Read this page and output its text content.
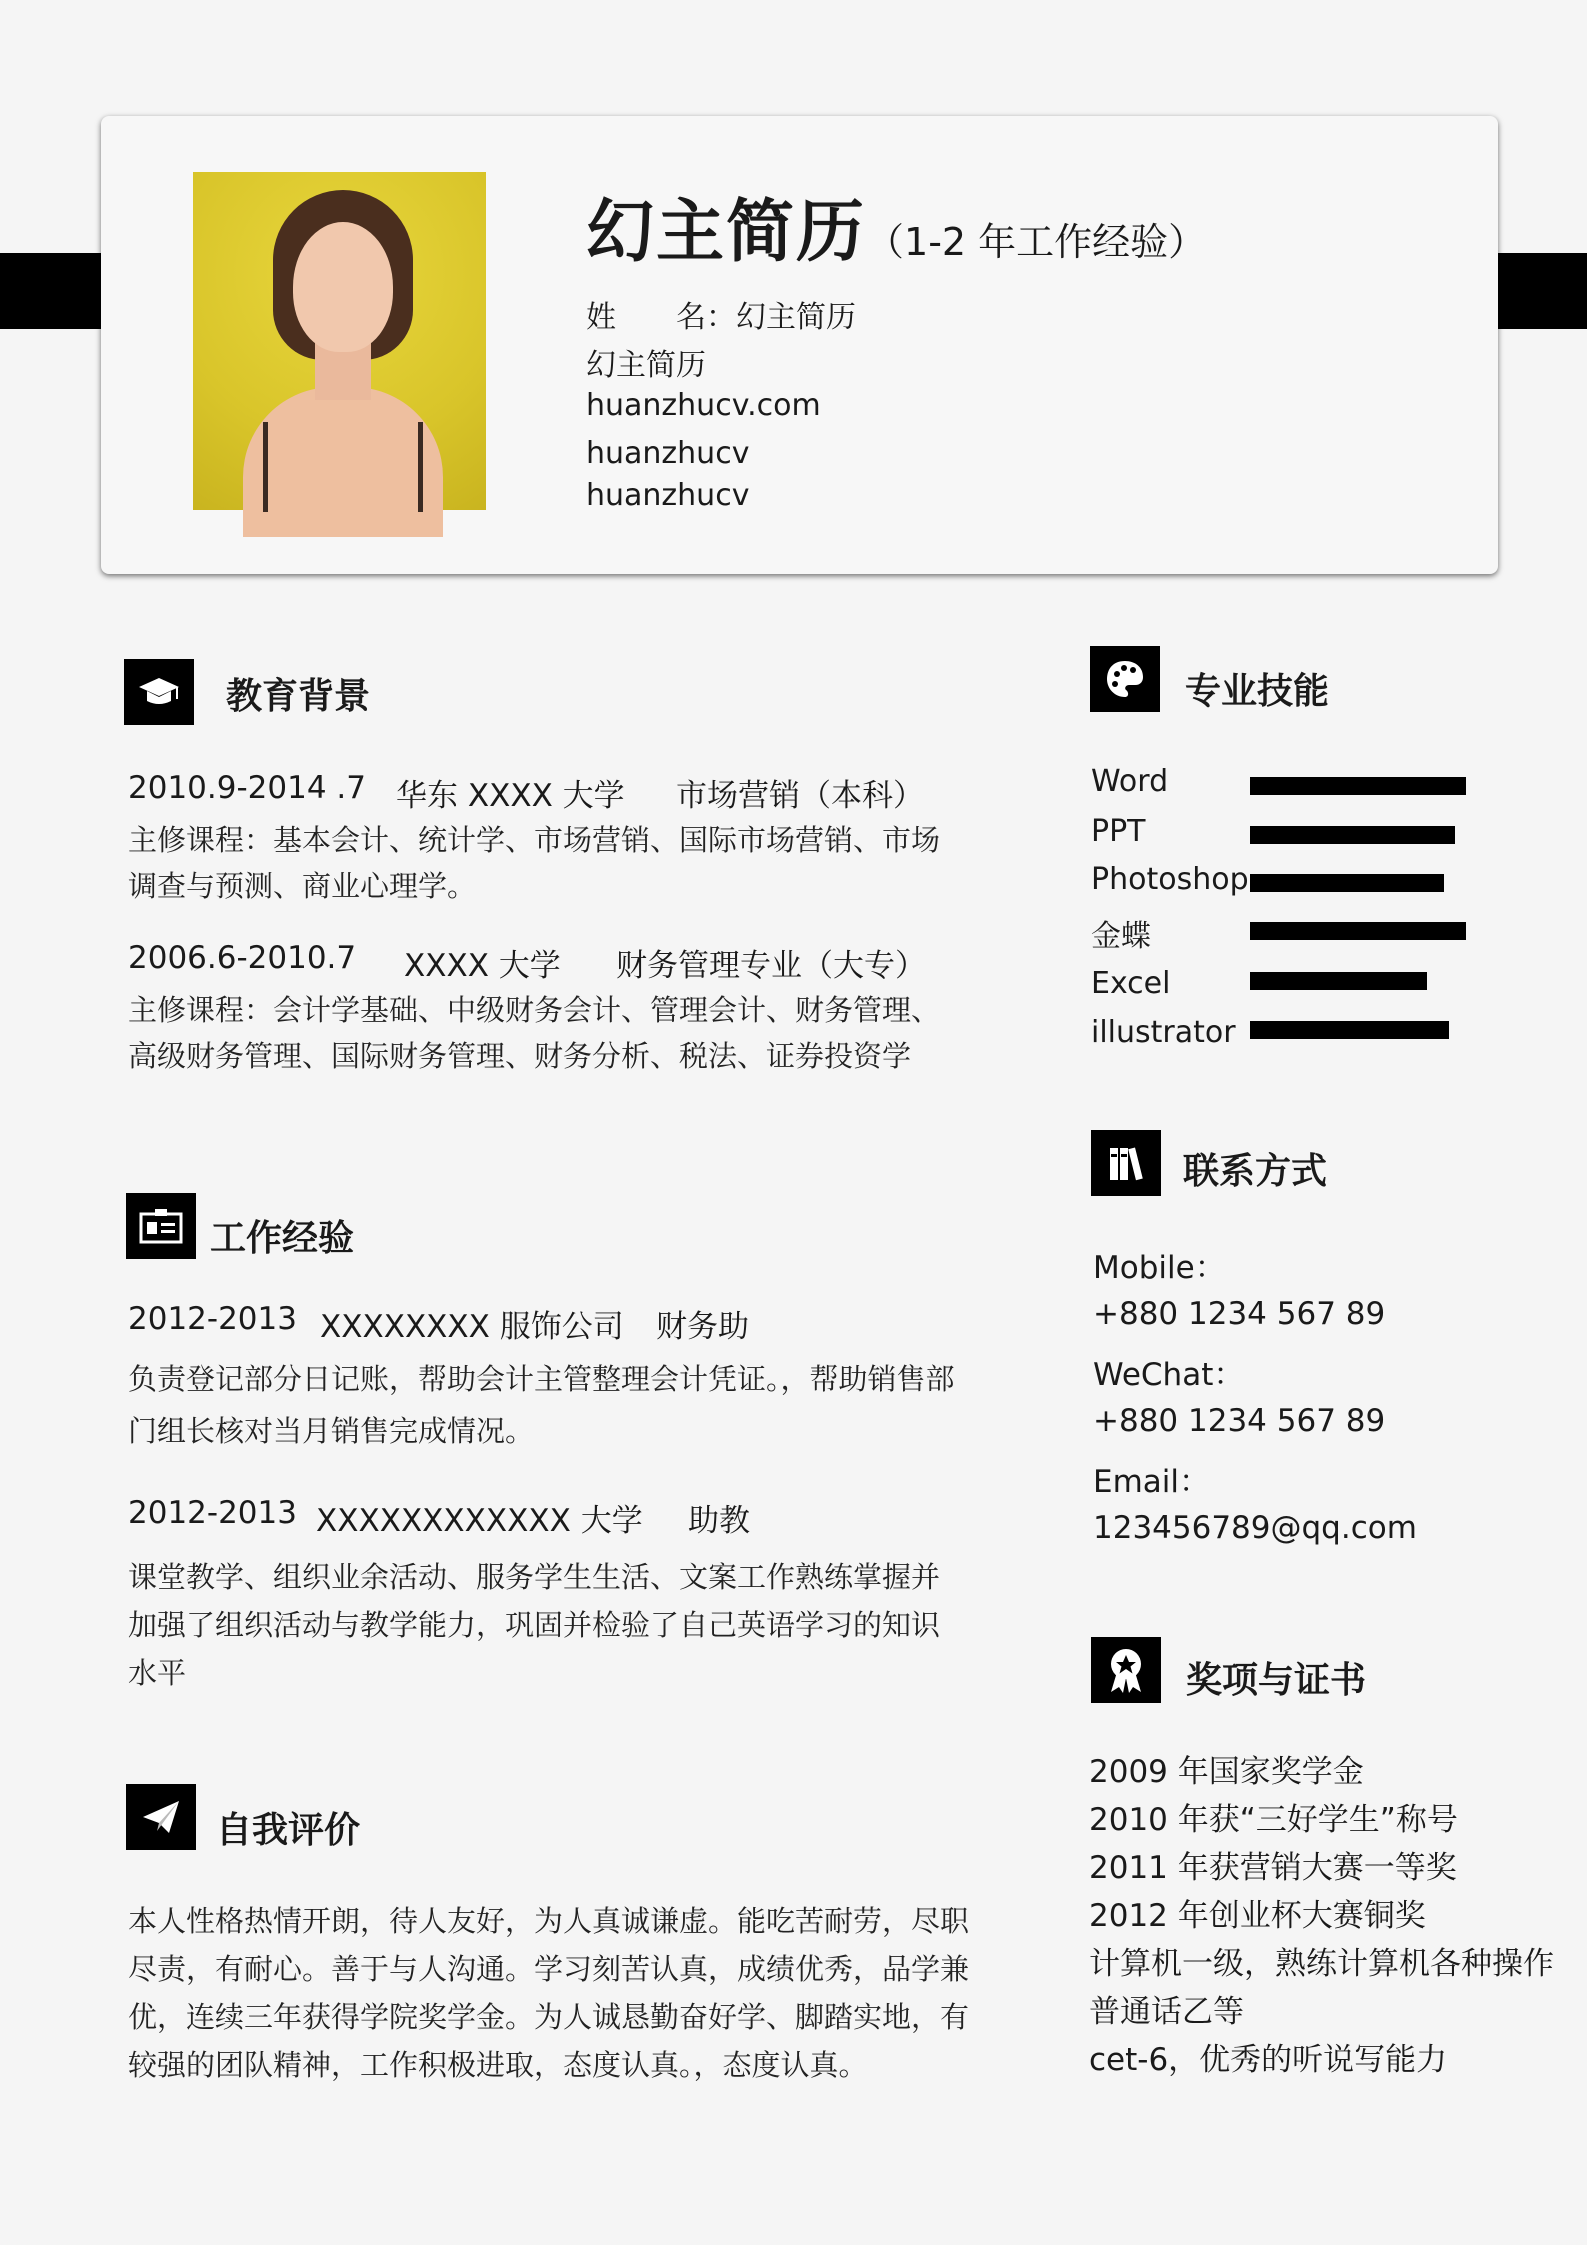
幻主简历（1-2 年工作经验）
姓　　名：幻主简历
幻主简历
huanzhucv.com
huanzhucv
huanzhucv
教育背景
2010.9-2014 .7 华东 XXXX 大学 市场营销（本科）
主修课程：基本会计、统计学、市场营销、国际市场营销、市场
调查与预测、商业心理学。
2006.6-2010.7 XXXX 大学 财务管理专业（大专）
主修课程：会计学基础、中级财务会计、管理会计、财务管理、
高级财务管理、国际财务管理、财务分析、税法、证券投资学
工作经验
2012-2013 XXXXXXXX 服饰公司 财务助
负责登记部分日记账，帮助会计主管整理会计凭证。，帮助销售部
门组长核对当月销售完成情况。
2012-2013 XXXXXXXXXXXX 大学 助教
课堂教学、组织业余活动、服务学生生活、文案工作熟练掌握并
加强了组织活动与教学能力，巩固并检验了自己英语学习的知识
水平
自我评价
本人性格热情开朗，待人友好，为人真诚谦虚。能吃苦耐劳，尽职
尽责，有耐心。善于与人沟通。学习刻苦认真，成绩优秀，品学兼
优，连续三年获得学院奖学金。为人诚恳勤奋好学、脚踏实地，有
较强的团队精神，工作积极进取，态度认真。，态度认真。
专业技能
Word
PPT
Photoshop
金蝶
Excel
illustrator
联系方式
Mobile：
+880 1234 567 89
WeChat：
+880 1234 567 89
Email：
123456789@qq.com
奖项与证书
2009 年国家奖学金
2010 年获“三好学生”称号
2011 年获营销大赛一等奖
2012 年创业杯大赛铜奖
计算机一级，熟练计算机各种操作
普通话乙等
cet-6，优秀的听说写能力
